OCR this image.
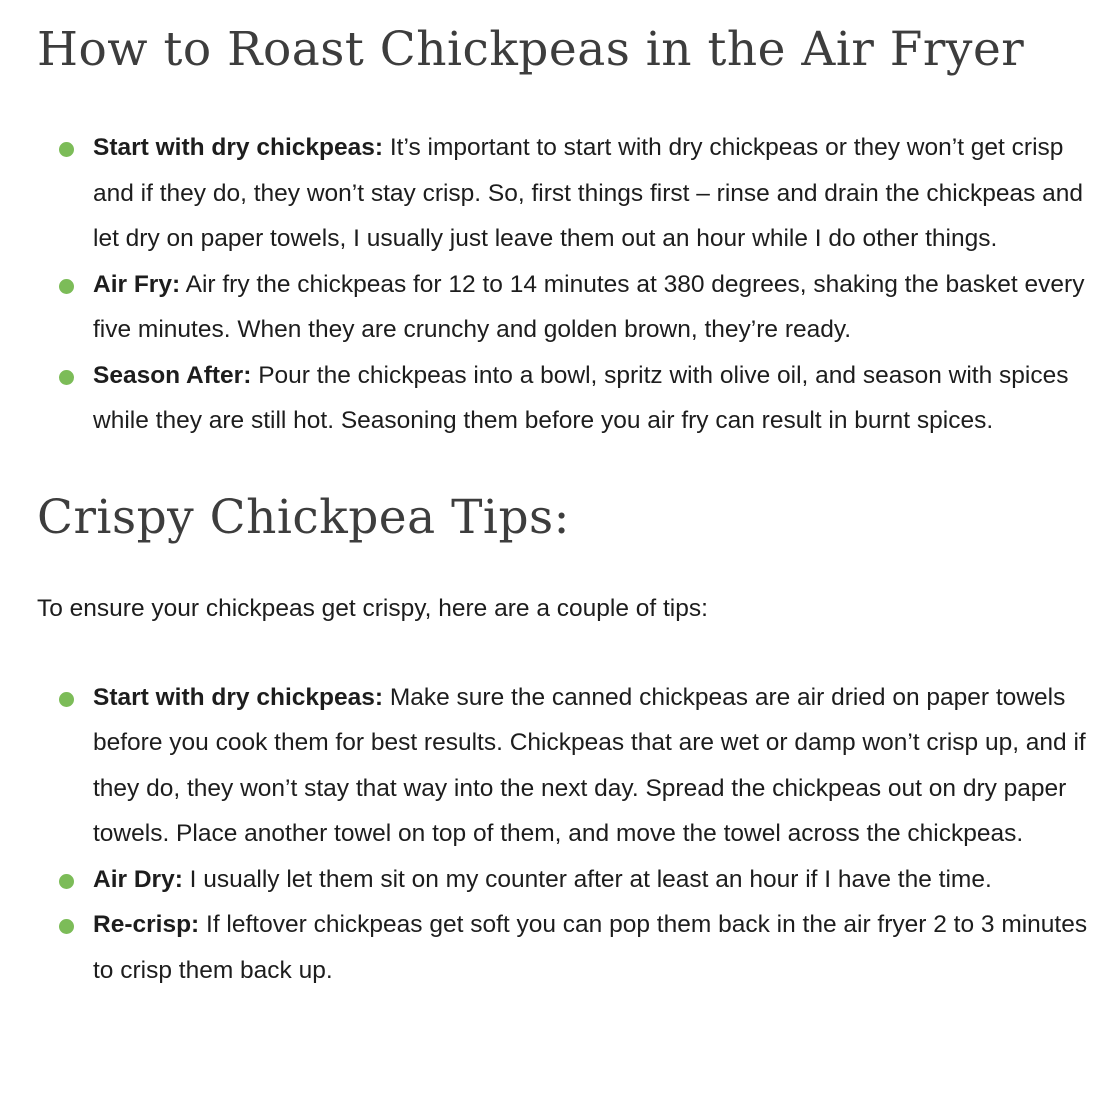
How to Roast Chickpeas in the Air Fryer
Start with dry chickpeas: It’s important to start with dry chickpeas or they won’t get crisp and if they do, they won’t stay crisp. So, first things first – rinse and drain the chickpeas and let dry on paper towels, I usually just leave them out an hour while I do other things.
Air Fry: Air fry the chickpeas for 12 to 14 minutes at 380 degrees, shaking the basket every five minutes. When they are crunchy and golden brown, they’re ready.
Season After: Pour the chickpeas into a bowl, spritz with olive oil, and season with spices while they are still hot. Seasoning them before you air fry can result in burnt spices.
Crispy Chickpea Tips:

To ensure your chickpeas get crispy, here are a couple of tips:

Start with dry chickpeas: Make sure the canned chickpeas are air dried on paper towels before you cook them for best results. Chickpeas that are wet or damp won’t crisp up, and if they do, they won’t stay that way into the next day. Spread the chickpeas out on dry paper towels. Place another towel on top of them, and move the towel across the chickpeas.
Air Dry: I usually let them sit on my counter after at least an hour if I have the time.
Re-crisp: If leftover chickpeas get soft you can pop them back in the air fryer 2 to 3 minutes to crisp them back up.
